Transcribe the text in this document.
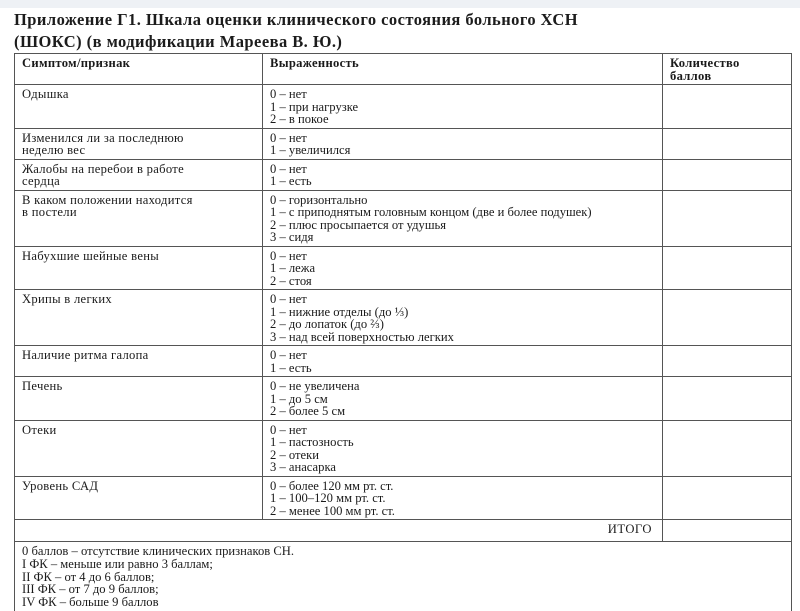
Приложение Г1. Шкала оценки клинического состояния больного ХСН
(ШОКС) (в модификации Мареева В. Ю.)
Симптом/признак	Выраженность	Количество баллов
Одышка	0 – нет
1 – при нагрузке
2 – в покое	

Изменился ли за последнюю неделю вес	0 – нет
1 – увеличился	

Жалобы на перебои в работе сердца	0 – нет
1 – есть	

В каком положении находится в постели	0 – горизонтально
1 – с приподнятым головным концом (две и более подушек)
2 – плюс просыпается от удушья
3 – сидя	

Набухшие шейные вены	0 – нет
1 – лежа
2 – стоя	

Хрипы в легких	0 – нет
1 – нижние отделы (до ⅓)
2 – до лопаток (до ⅔)
3 – над всей поверхностью легких	

Наличие ритма галопа	0 – нет
1 – есть	

Печень	0 – не увеличена
1 – до 5 см
2 – более 5 см	

Отеки	0 – нет
1 – пастозность
2 – отеки
3 – анасарка	

Уровень САД	0 – более 120 мм рт. ст.
1 – 100–120 мм рт. ст.
2 – менее 100 мм рт. ст.	

ИТОГО		

0 баллов – отсутствие клинических признаков СН.
I ФК – меньше или равно 3 баллам;
II ФК – от 4 до 6 баллов;
III ФК – от 7 до 9 баллов;
IV ФК – больше 9 баллов		
